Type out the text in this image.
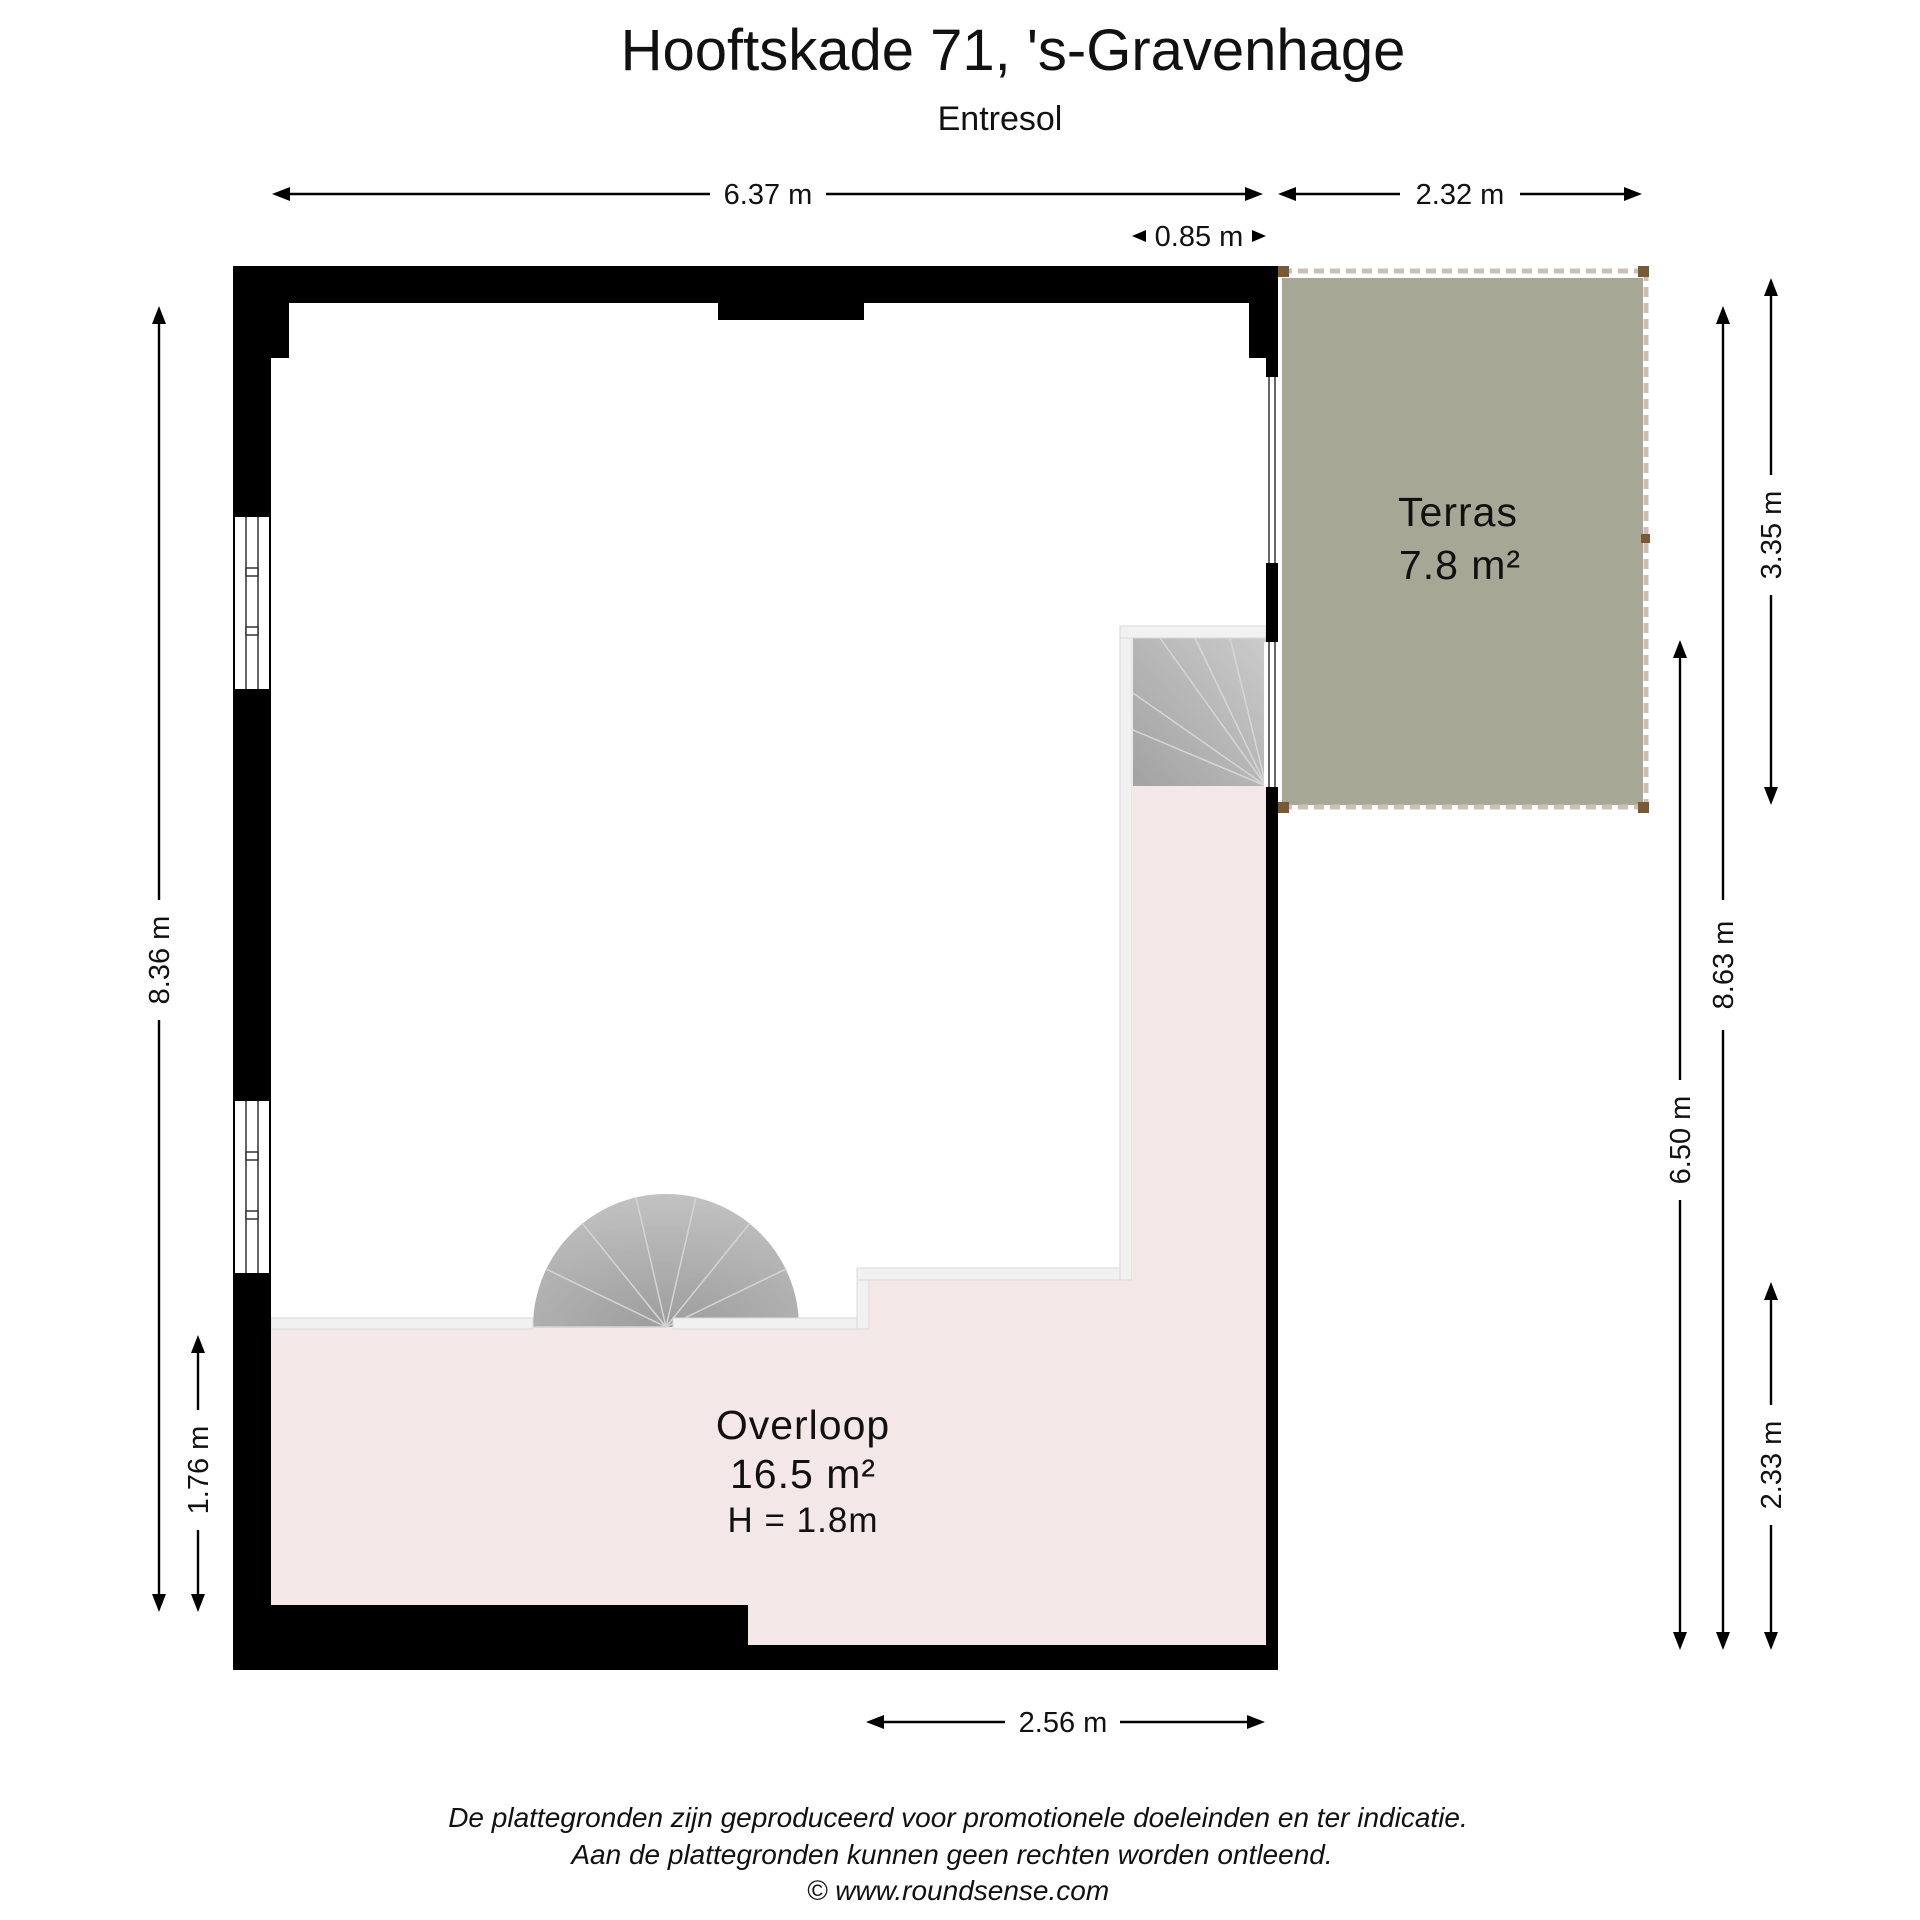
Hooftskade 71, 's-Gravenhage
Entresol
Terras
7.8 m²
Overloop
16.5 m²
H = 1.8m
6.37 m	2.32 m
0.85 m
8.36 m
1.76 m
3.35 m
8.63 m
6.50 m
2.33 m
2.56 m
De plattegronden zijn geproduceerd voor promotionele doeleinden en ter indicatie.
Aan de plattegronden kunnen geen rechten worden ontleend.
© www.roundsense.com
